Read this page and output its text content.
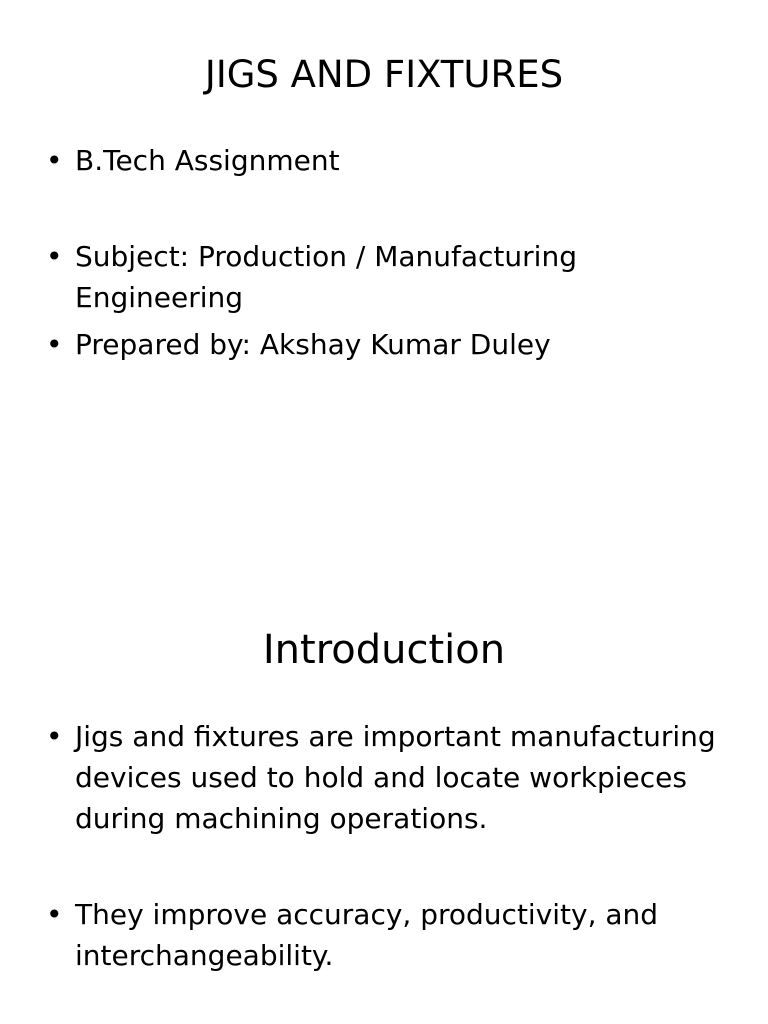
JIGS AND FIXTURES
• B.Tech Assignment
• Subject: Production / Manufacturing Engineering
• Prepared by: Akshay Kumar Duley
Introduction
• Jigs and fixtures are important manufacturing devices used to hold and locate workpieces during machining operations.
• They improve accuracy, productivity, and interchangeability.
